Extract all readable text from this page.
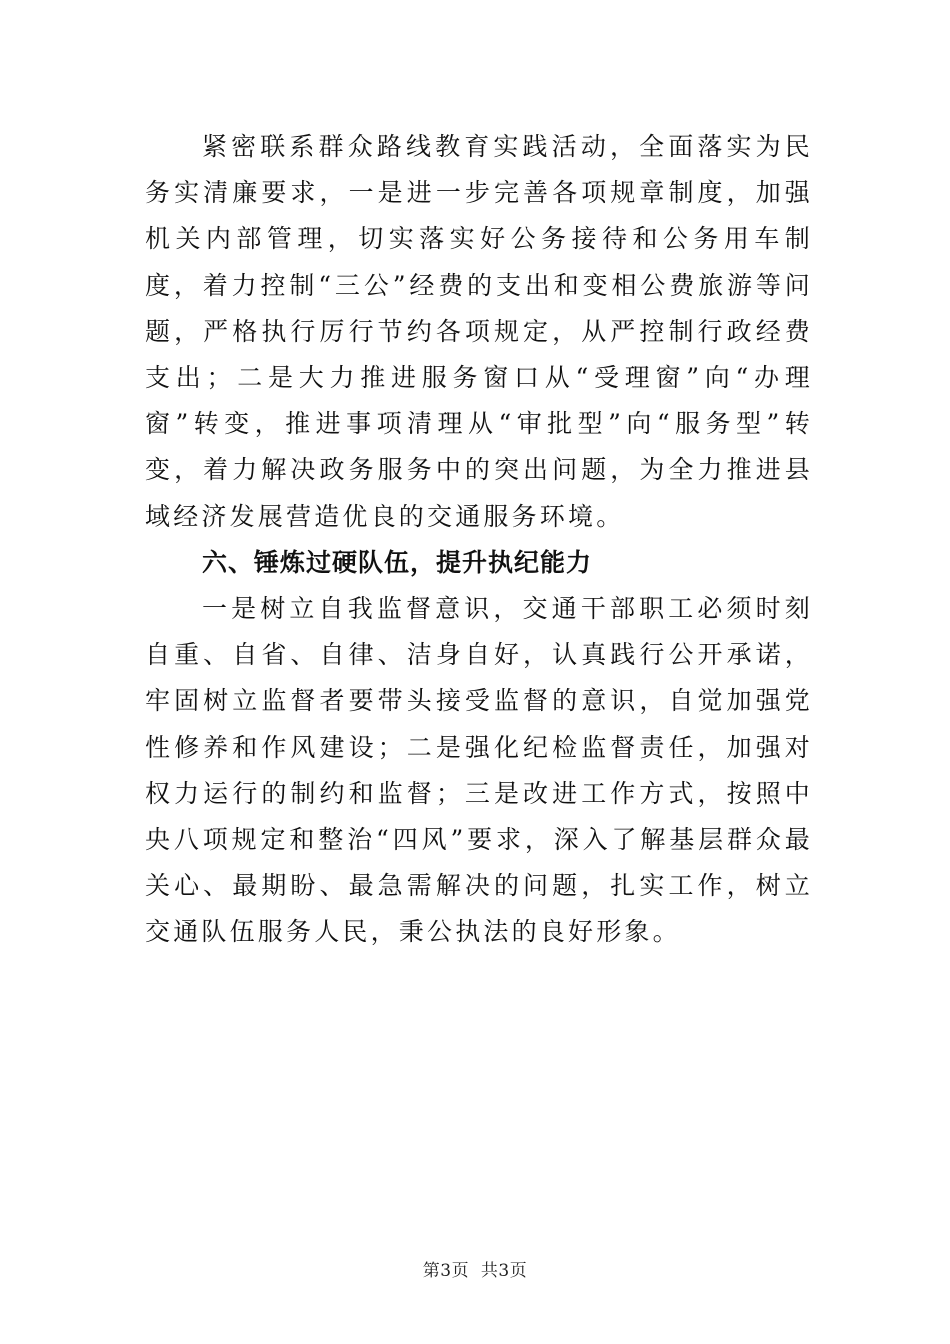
紧密联系群众路线教育实践活动，全面落实为民务实清廉要求，一是进一步完善各项规章制度，加强机关内部管理，切实落实好公务接待和公务用车制度，着力控制“三公”经费的支出和变相公费旅游等问题，严格执行厉行节约各项规定，从严控制行政经费支出；二是大力推进服务窗口从“受理窗”向“办理窗”转变，推进事项清理从“审批型”向“服务型”转变，着力解决政务服务中的突出问题，为全力推进县域经济发展营造优良的交通服务环境。

六、锤炼过硬队伍，提升执纪能力

一是树立自我监督意识，交通干部职工必须时刻自重、自省、自律、洁身自好，认真践行公开承诺，牢固树立监督者要带头接受监督的意识，自觉加强党性修养和作风建设；二是强化纪检监督责任，加强对权力运行的制约和监督；三是改进工作方式，按照中央八项规定和整治“四风”要求，深入了解基层群众最关心、最期盼、最急需解决的问题，扎实工作，树立交通队伍服务人民，秉公执法的良好形象。

第3页  共3页
